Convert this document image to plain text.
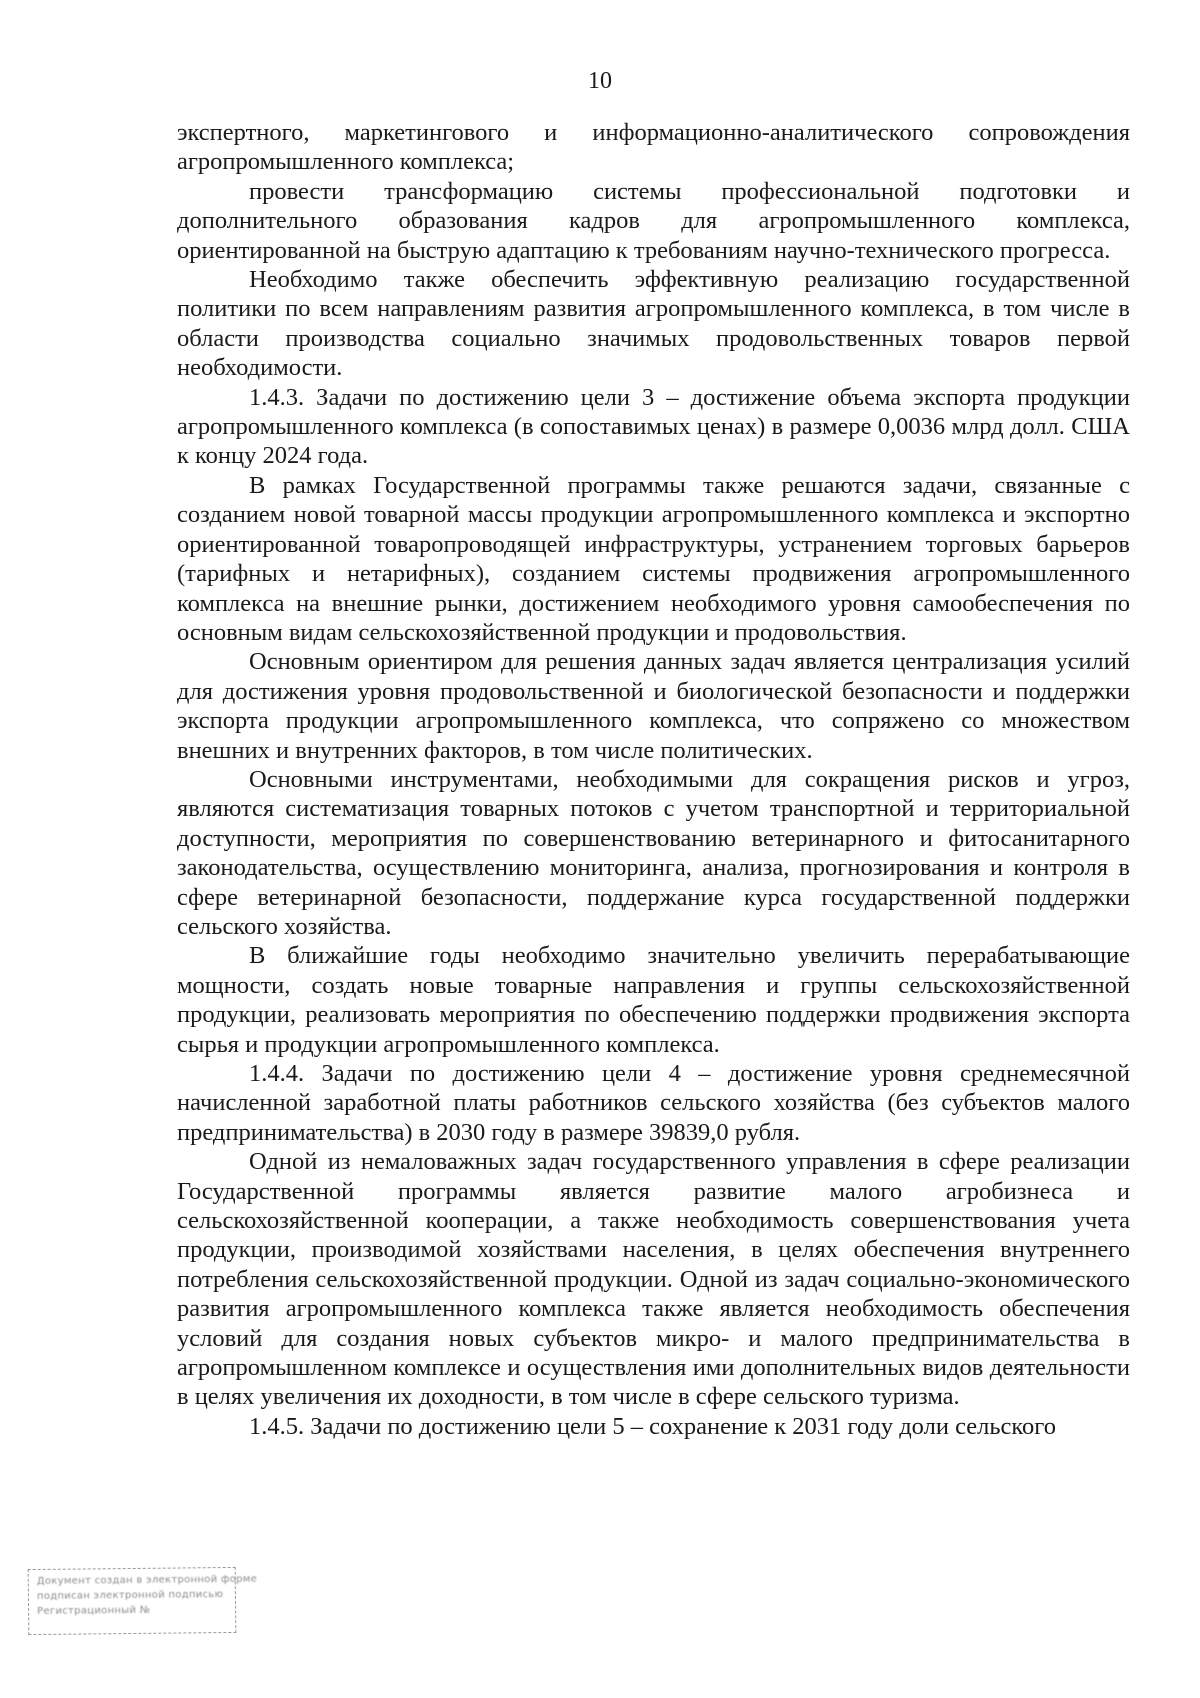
10

экспертного, маркетингового и информационно-аналитического сопровождения агропромышленного комплекса;

провести трансформацию системы профессиональной подготовки и дополнительного образования кадров для агропромышленного комплекса, ориентированной на быструю адаптацию к требованиям научно-технического прогресса.

Необходимо также обеспечить эффективную реализацию государственной политики по всем направлениям развития агропромышленного комплекса, в том числе в области производства социально значимых продовольственных товаров первой необходимости.

1.4.3. Задачи по достижению цели 3 – достижение объема экспорта продукции агропромышленного комплекса (в сопоставимых ценах) в размере 0,0036 млрд долл. США к концу 2024 года.

В рамках Государственной программы также решаются задачи, связанные с созданием новой товарной массы продукции агропромышленного комплекса и экспортно ориентированной товаропроводящей инфраструктуры, устранением торговых барьеров (тарифных и нетарифных), созданием системы продвижения агропромышленного комплекса на внешние рынки, достижением необходимого уровня самообеспечения по основным видам сельскохозяйственной продукции и продовольствия.

Основным ориентиром для решения данных задач является централизация усилий для достижения уровня продовольственной и биологической безопасности и поддержки экспорта продукции агропромышленного комплекса, что сопряжено со множеством внешних и внутренних факторов, в том числе политических.

Основными инструментами, необходимыми для сокращения рисков и угроз, являются систематизация товарных потоков с учетом транспортной и территориальной доступности, мероприятия по совершенствованию ветеринарного и фитосанитарного законодательства, осуществлению мониторинга, анализа, прогнозирования и контроля в сфере ветеринарной безопасности, поддержание курса государственной поддержки сельского хозяйства.

В ближайшие годы необходимо значительно увеличить перерабатывающие мощности, создать новые товарные направления и группы сельскохозяйственной продукции, реализовать мероприятия по обеспечению поддержки продвижения экспорта сырья и продукции агропромышленного комплекса.

1.4.4. Задачи по достижению цели 4 – достижение уровня среднемесячной начисленной заработной платы работников сельского хозяйства (без субъектов малого предпринимательства) в 2030 году в размере 39839,0 рубля.

Одной из немаловажных задач государственного управления в сфере реализации Государственной программы является развитие малого агробизнеса и сельскохозяйственной кооперации, а также необходимость совершенствования учета продукции, производимой хозяйствами населения, в целях обеспечения внутреннего потребления сельскохозяйственной продукции. Одной из задач социально-экономического развития агропромышленного комплекса также является необходимость обеспечения условий для создания новых субъектов микро- и малого предпринимательства в агропромышленном комплексе и осуществления ими дополнительных видов деятельности в целях увеличения их доходности, в том числе в сфере сельского туризма.

1.4.5. Задачи по достижению цели 5 – сохранение к 2031 году доли сельского

Документ создан в электронной форме
подписан электронной подписью
Регистрационный №
